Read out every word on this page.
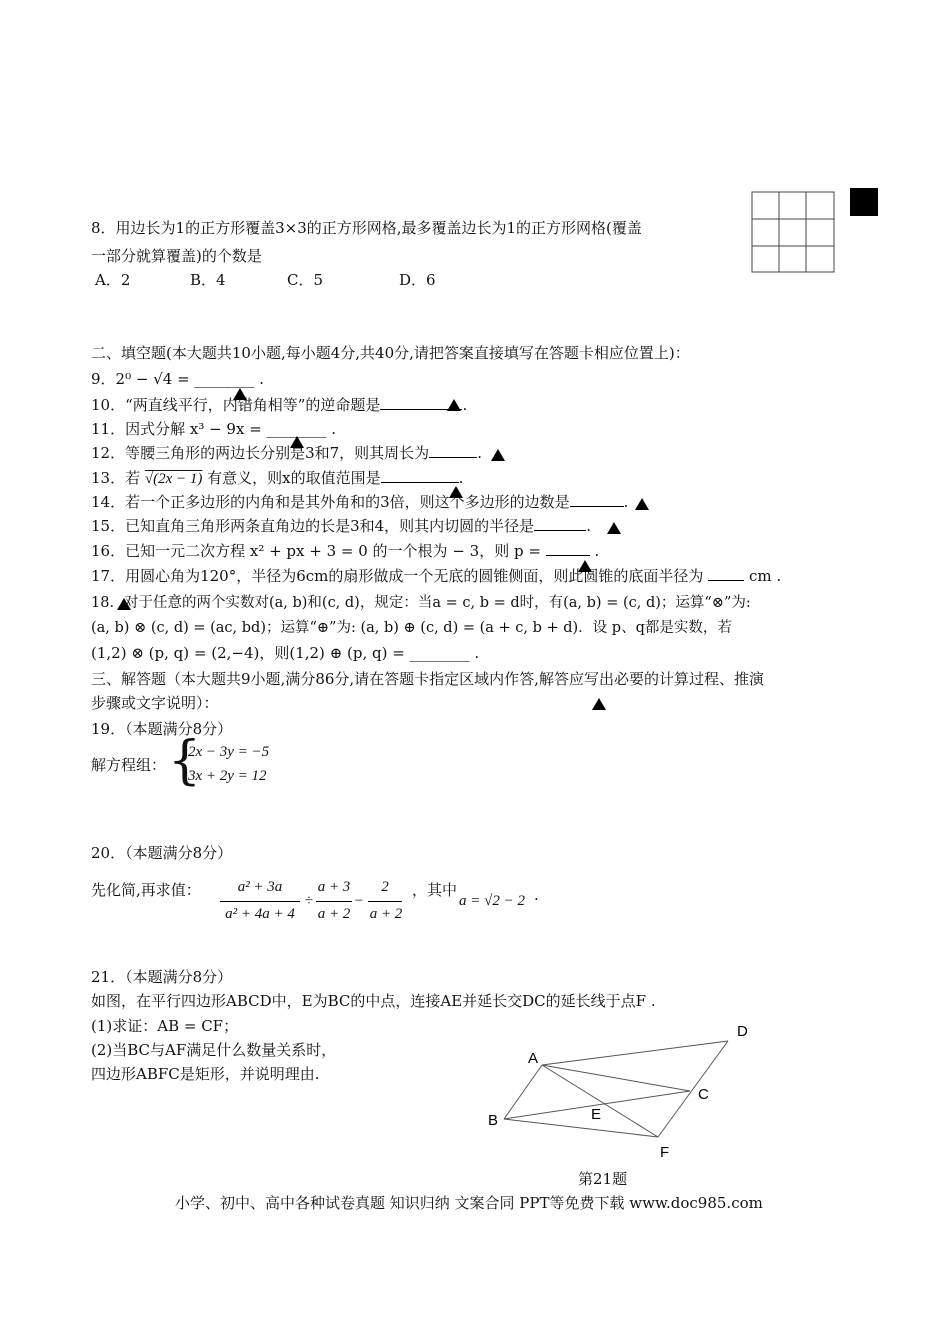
8．用边长为1的正方形覆盖3×3的正方形网格,最多覆盖边长为1的正方形网格(覆盖
一部分就算覆盖)的个数是
A．2	B．4	C．5	D．6
二、填空题(本大题共10小题,每小题4分,共40分,请把答案直接填写在答题卡相应位置上)：
9．2⁰ − √4 = ________ .
10．“两直线平行，内错角相等”的逆命题是	.
11．因式分解 x³ − 9x = ________ .
12．等腰三角形的两边长分别是3和7，则其周长为	.
13．若 √(2x − 1) 有意义，则x的取值范围是	.
14．若一个正多边形的内角和是其外角和的3倍，则这个多边形的边数是	.
15．已知直角三角形两条直角边的长是3和4，则其内切圆的半径是	.
16．已知一元二次方程 x² + px + 3 = 0 的一个根为 − 3，则 p =	.
17．用圆心角为120°，半径为6cm的扇形做成一个无底的圆锥侧面，则此圆锥的底面半径为	cm .
18．对于任意的两个实数对(a, b)和(c, d)，规定：当a = c, b = d时，有(a, b) = (c, d)；运算“⊗”为:
(a, b) ⊗ (c, d) = (ac, bd)；运算“⊕”为: (a, b) ⊕ (c, d) = (a + c, b + d)．设 p、q都是实数，若
(1,2) ⊗ (p, q) = (2,−4)，则(1,2) ⊕ (p, q) = ________ .
三、解答题（本大题共9小题,满分86分,请在答题卡指定区域内作答,解答应写出必要的计算过程、推演
步骤或文字说明）：
19．（本题满分8分）
解方程组： {
2x − 3y = −5
3x + 2y = 12
20．（本题满分8分）
先化简,再求值：	a² + 3a
a² + 4a + 4
÷
a + 3
a + 2
−
2
a + 2
，其中
a = √2 − 2 .
21．（本题满分8分）
如图，在平行四边形ABCD中，E为BC的中点，连接AE并延长交DC的延长线于点F .
(1)求证：AB = CF；
(2)当BC与AF满足什么数量关系时，
四边形ABFC是矩形，并说明理由.
A
B
C
D
E
F
第21题
小学、初中、高中各种试卷真题 知识归纳 文案合同 PPT等免费下载 www.doc985.com
